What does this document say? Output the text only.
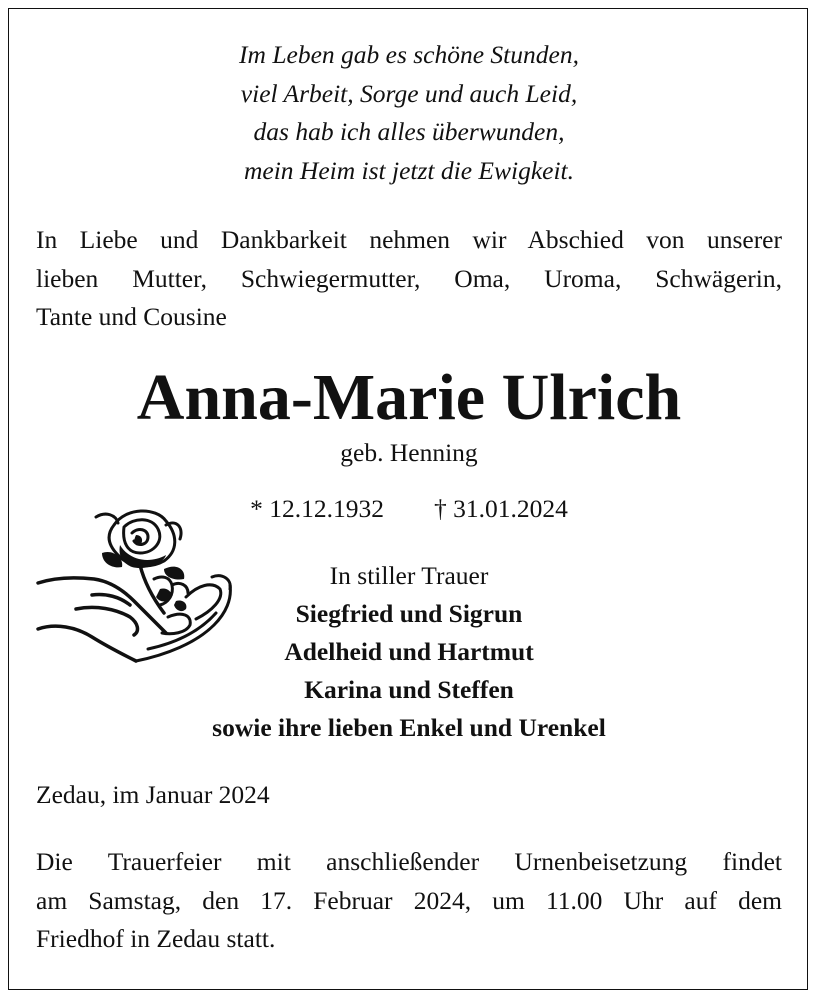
Im Leben gab es schöne Stunden,
viel Arbeit, Sorge und auch Leid,
das hab ich alles überwunden,
mein Heim ist jetzt die Ewigkeit.
In Liebe und Dankbarkeit nehmen wir Abschied von unserer
lieben Mutter, Schwiegermutter, Oma, Uroma, Schwägerin,
Tante und Cousine
Anna-Marie Ulrich
geb. Henning
* 12.12.1932 † 31.01.2024
In stiller Trauer
Siegfried und Sigrun
Adelheid und Hartmut
Karina und Steffen
sowie ihre lieben Enkel und Urenkel
Zedau, im Januar 2024
Die Trauerfeier mit anschließender Urnenbeisetzung findet
am Samstag, den 17. Februar 2024, um 11.00 Uhr auf dem
Friedhof in Zedau statt.
